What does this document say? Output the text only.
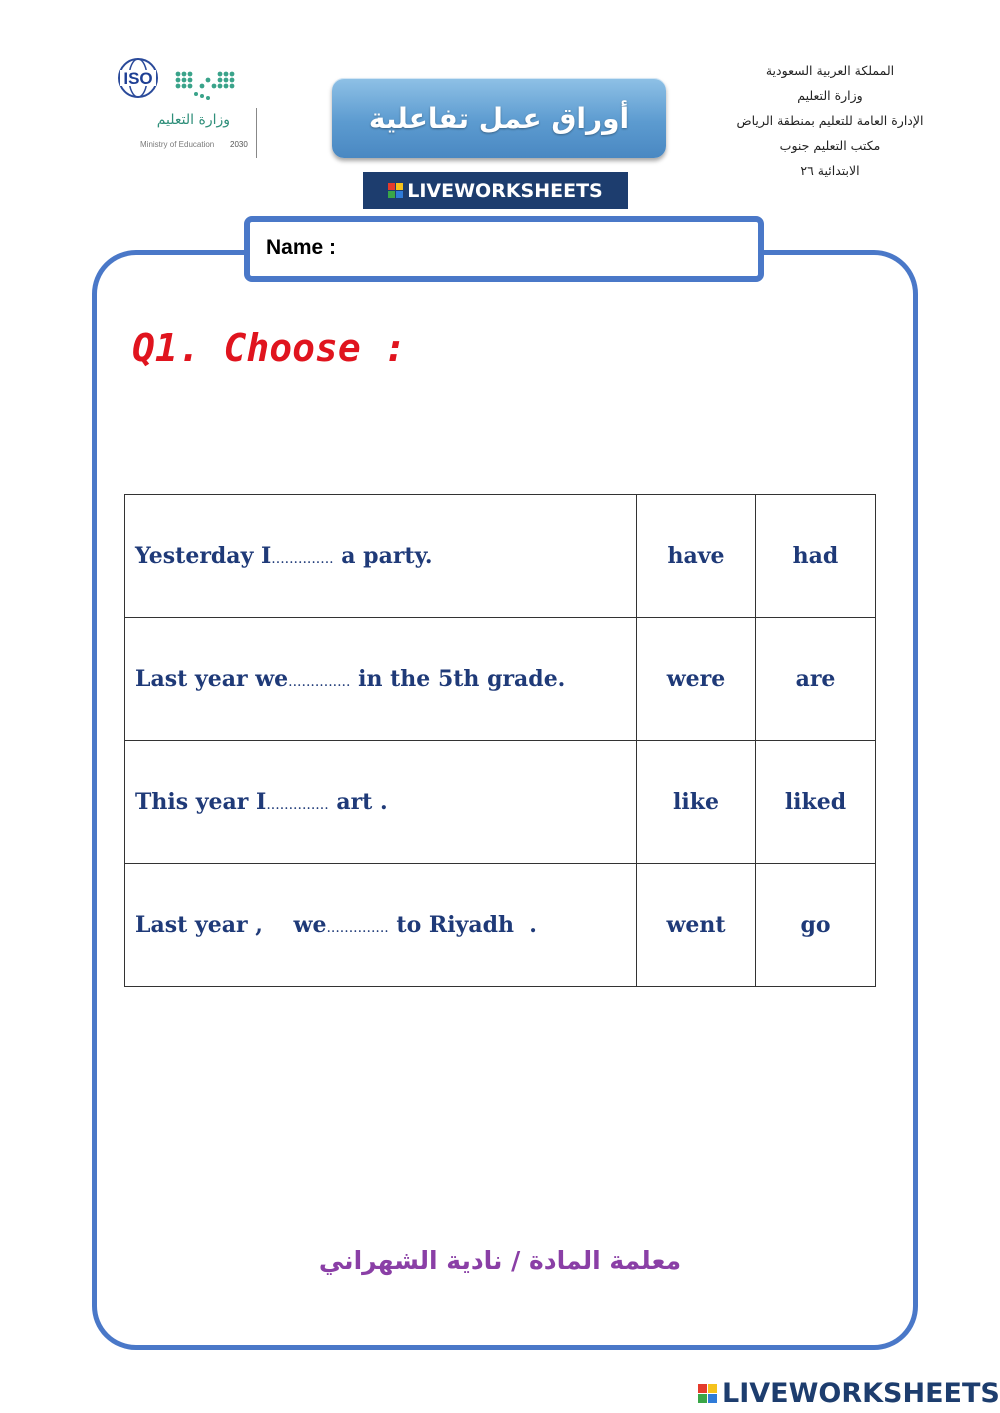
ISO
وزارة التعليم
Ministry of Education 2030
أوراق عمل تفاعلية
LIVEWORKSHEETS
المملكة العربية السعودية
وزارة التعليم
الإدارة العامة للتعليم بمنطقة الرياض
مكتب التعليم جنوب
الابتدائية ٢٦
Name :
Q1. Choose :
Yesterday I.............. a party.	have	had
Last year we.............. in the 5th grade.	were	are
This year I.............. art .	like	liked
Last year ,    we.............. to Riyadh  .	went	go
معلمة المادة / نادية الشهراني
LIVEWORKSHEETS
